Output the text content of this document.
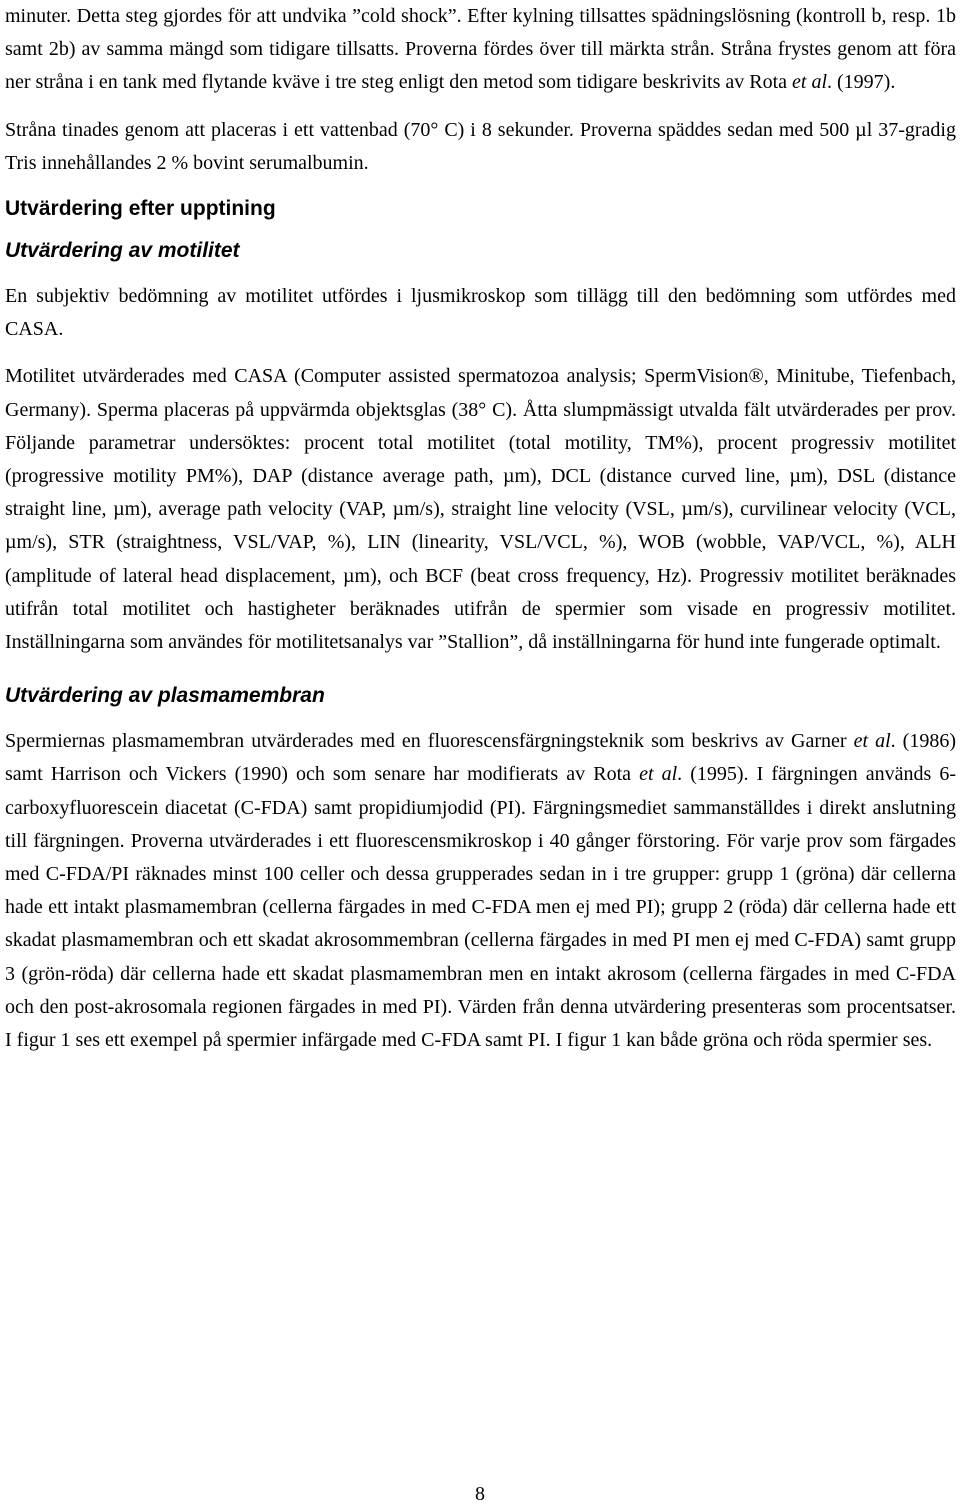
minuter. Detta steg gjordes för att undvika ”cold shock”. Efter kylning tillsattes spädningslösning (kontroll b, resp. 1b samt 2b) av samma mängd som tidigare tillsatts. Proverna fördes över till märkta strån. Stråna frystes genom att föra ner stråna i en tank med flytande kväve i tre steg enligt den metod som tidigare beskrivits av Rota et al. (1997).

Stråna tinades genom att placeras i ett vattenbad (70° C) i 8 sekunder. Proverna späddes sedan med 500 µl 37-gradig Tris innehållandes 2 % bovint serumalbumin.

Utvärdering efter upptining
Utvärdering av motilitet

En subjektiv bedömning av motilitet utfördes i ljusmikroskop som tillägg till den bedömning som utfördes med CASA.

Motilitet utvärderades med CASA (Computer assisted spermatozoa analysis; SpermVision®, Minitube, Tiefenbach, Germany). Sperma placeras på uppvärmda objektsglas (38° C). Åtta slumpmässigt utvalda fält utvärderades per prov. Följande parametrar undersöktes: procent total motilitet (total motility, TM%), procent progressiv motilitet (progressive motility PM%), DAP (distance average path, µm), DCL (distance curved line, µm), DSL (distance straight line, µm), average path velocity (VAP, µm/s), straight line velocity (VSL, µm/s), curvilinear velocity (VCL, µm/s), STR (straightness, VSL/VAP, %), LIN (linearity, VSL/VCL, %), WOB (wobble, VAP/VCL, %), ALH (amplitude of lateral head displacement, µm), och BCF (beat cross frequency, Hz). Progressiv motilitet beräknades utifrån total motilitet och hastigheter beräknades utifrån de spermier som visade en progressiv motilitet. Inställningarna som användes för motilitetsanalys var ”Stallion”, då inställningarna för hund inte fungerade optimalt.

Utvärdering av plasmamembran

Spermiernas plasmamembran utvärderades med en fluorescensfärgningsteknik som beskrivs av Garner et al. (1986) samt Harrison och Vickers (1990) och som senare har modifierats av Rota et al. (1995). I färgningen används 6-carboxyfluorescein diacetat (C-FDA) samt propidiumjodid (PI). Färgningsmediet sammanställdes i direkt anslutning till färgningen. Proverna utvärderades i ett fluorescensmikroskop i 40 gånger förstoring. För varje prov som färgades med C-FDA/PI räknades minst 100 celler och dessa grupperades sedan in i tre grupper: grupp 1 (gröna) där cellerna hade ett intakt plasmamembran (cellerna färgades in med C-FDA men ej med PI); grupp 2 (röda) där cellerna hade ett skadat plasmamembran och ett skadat akrosommembran (cellerna färgades in med PI men ej med C-FDA) samt grupp 3 (grön-röda) där cellerna hade ett skadat plasmamembran men en intakt akrosom (cellerna färgades in med C-FDA och den post-akrosomala regionen färgades in med PI). Värden från denna utvärdering presenteras som procentsatser. I figur 1 ses ett exempel på spermier infärgade med C-FDA samt PI. I figur 1 kan både gröna och röda spermier ses.

8
